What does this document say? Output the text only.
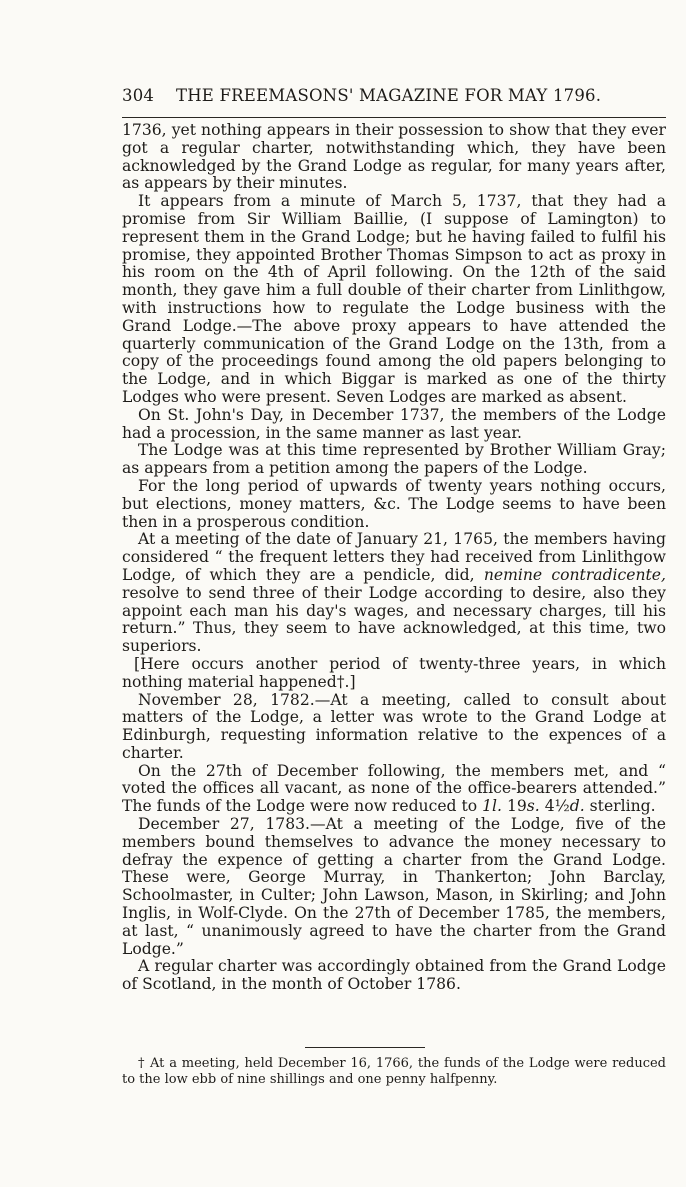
304	THE FREEMASONS' MAGAZINE FOR MAY 1796.

1736, yet nothing appears in their possession to show that they ever got a regular charter, notwithstanding which, they have been acknowledged by the Grand Lodge as regular, for many years after, as appears by their minutes.

It appears from a minute of March 5, 1737, that they had a promise from Sir William Baillie, (I suppose of Lamington) to represent them in the Grand Lodge; but he having failed to fulfil his promise, they appointed Brother Thomas Simpson to act as proxy in his room on the 4th of April following. On the 12th of the said month, they gave him a full double of their charter from Linlithgow, with instructions how to regulate the Lodge business with the Grand Lodge.—The above proxy appears to have attended the quarterly communication of the Grand Lodge on the 13th, from a copy of the proceedings found among the old papers belonging to the Lodge, and in which Biggar is marked as one of the thirty Lodges who were present. Seven Lodges are marked as absent.

On St. John's Day, in December 1737, the members of the Lodge had a procession, in the same manner as last year.

The Lodge was at this time represented by Brother William Gray; as appears from a petition among the papers of the Lodge.

For the long period of upwards of twenty years nothing occurs, but elections, money matters, &c. The Lodge seems to have been then in a prosperous condition.

At a meeting of the date of January 21, 1765, the members having considered “ the frequent letters they had received from Linlithgow Lodge, of which they are a pendicle, did, nemine contradicente, resolve to send three of their Lodge according to desire, also they appoint each man his day's wages, and necessary charges, till his return.” Thus, they seem to have acknowledged, at this time, two superiors.

[Here occurs another period of twenty-three years, in which nothing material happened†.]

November 28, 1782.—At a meeting, called to consult about matters of the Lodge, a letter was wrote to the Grand Lodge at Edinburgh, requesting information relative to the expences of a charter.

On the 27th of December following, the members met, and “ voted the offices all vacant, as none of the office-bearers attended.” The funds of the Lodge were now reduced to 1l. 19s. 4½d. sterling.

December 27, 1783.—At a meeting of the Lodge, five of the members bound themselves to advance the money necessary to defray the expence of getting a charter from the Grand Lodge. These were, George Murray, in Thankerton; John Barclay, Schoolmaster, in Culter; John Lawson, Mason, in Skirling; and John Inglis, in Wolf-Clyde. On the 27th of December 1785, the members, at last, “ unanimously agreed to have the charter from the Grand Lodge.”

A regular charter was accordingly obtained from the Grand Lodge of Scotland, in the month of October 1786.

† At a meeting, held December 16, 1766, the funds of the Lodge were reduced to the low ebb of nine shillings and one penny halfpenny.
